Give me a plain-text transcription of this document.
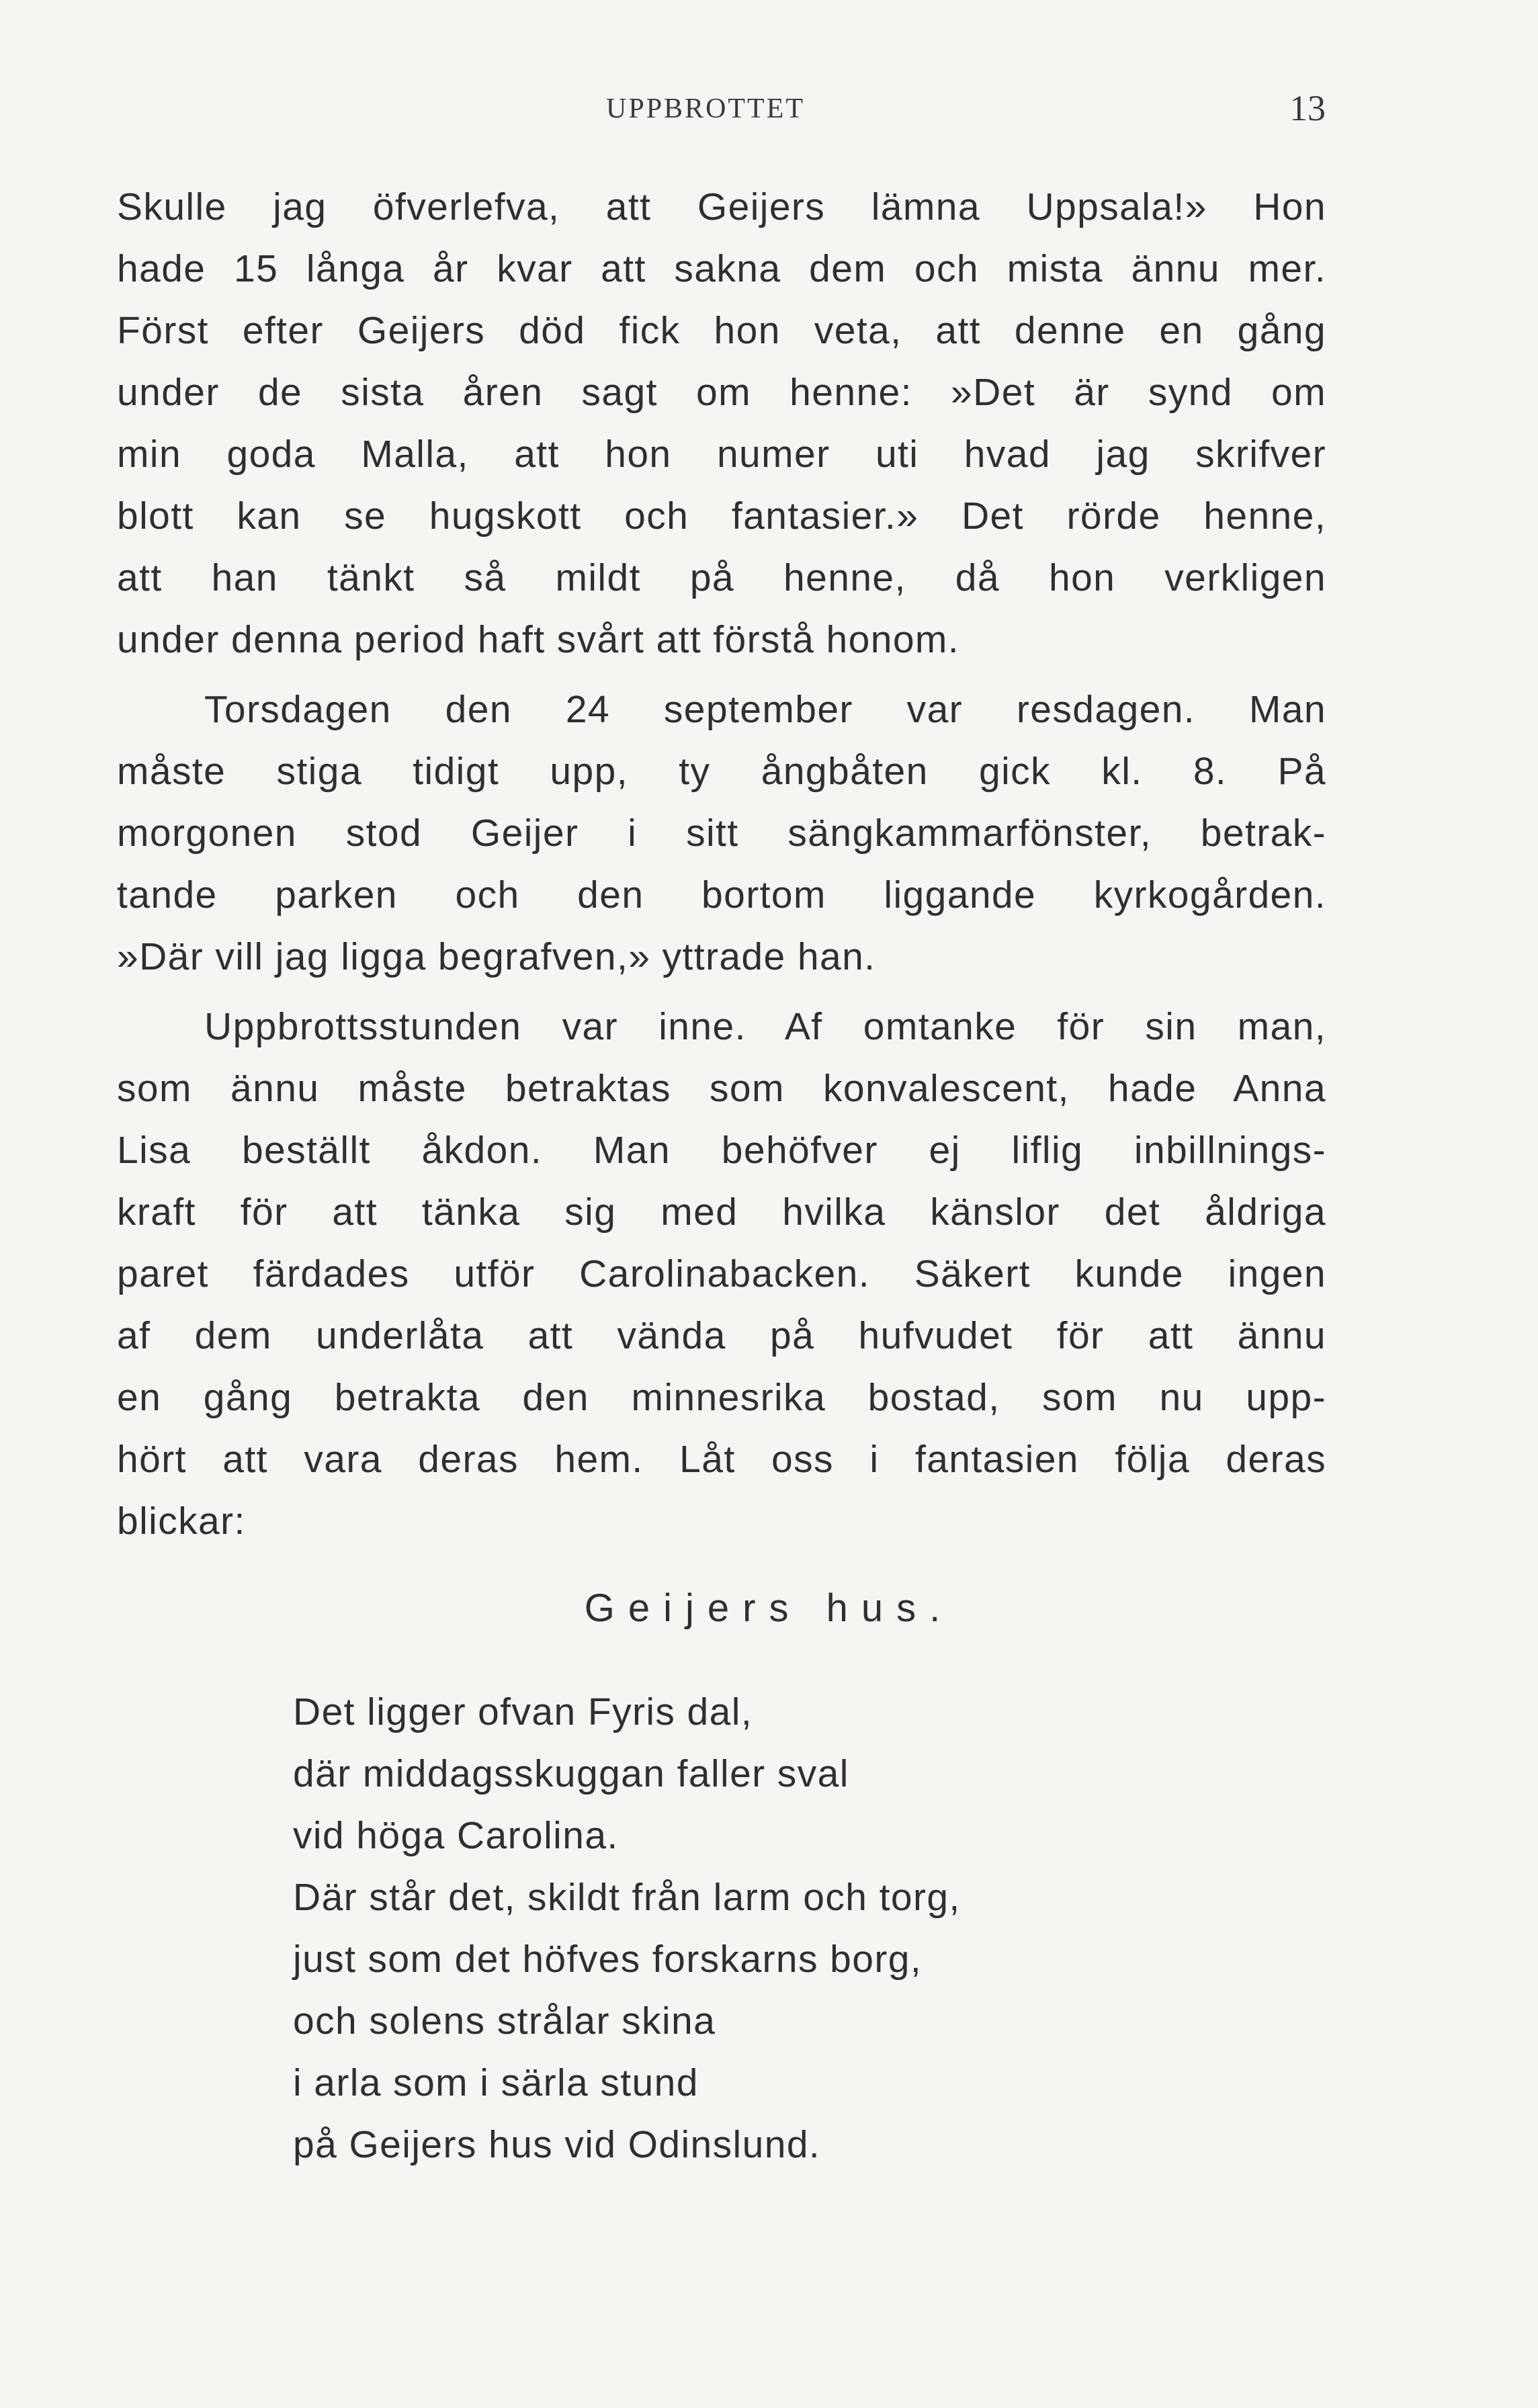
UPPBROTTET	13
Skulle jag öfverlefva, att Geijers lämna Uppsala!» Hon
hade 15 långa år kvar att sakna dem och mista ännu mer.
Först efter Geijers död fick hon veta, att denne en gång
under de sista åren sagt om henne: »Det är synd om
min goda Malla, att hon numer uti hvad jag skrifver
blott kan se hugskott och fantasier.» Det rörde henne,
att han tänkt så mildt på henne, då hon verkligen
under denna period haft svårt att förstå honom.
Torsdagen den 24 september var resdagen. Man
måste stiga tidigt upp, ty ångbåten gick kl. 8. På
morgonen stod Geijer i sitt sängkammarfönster, betrak-
tande parken och den bortom liggande kyrkogården.
»Där vill jag ligga begrafven,» yttrade han.
Uppbrottsstunden var inne. Af omtanke för sin man,
som ännu måste betraktas som konvalescent, hade Anna
Lisa beställt åkdon. Man behöfver ej liflig inbillnings-
kraft för att tänka sig med hvilka känslor det åldriga
paret färdades utför Carolinabacken. Säkert kunde ingen
af dem underlåta att vända på hufvudet för att ännu
en gång betrakta den minnesrika bostad, som nu upp-
hört att vara deras hem. Låt oss i fantasien följa deras
blickar:
Geijers hus.
Det ligger ofvan Fyris dal,
där middagsskuggan faller sval
vid höga Carolina.
Där står det, skildt från larm och torg,
just som det höfves forskarns borg,
och solens strålar skina
i arla som i särla stund
på Geijers hus vid Odinslund.
